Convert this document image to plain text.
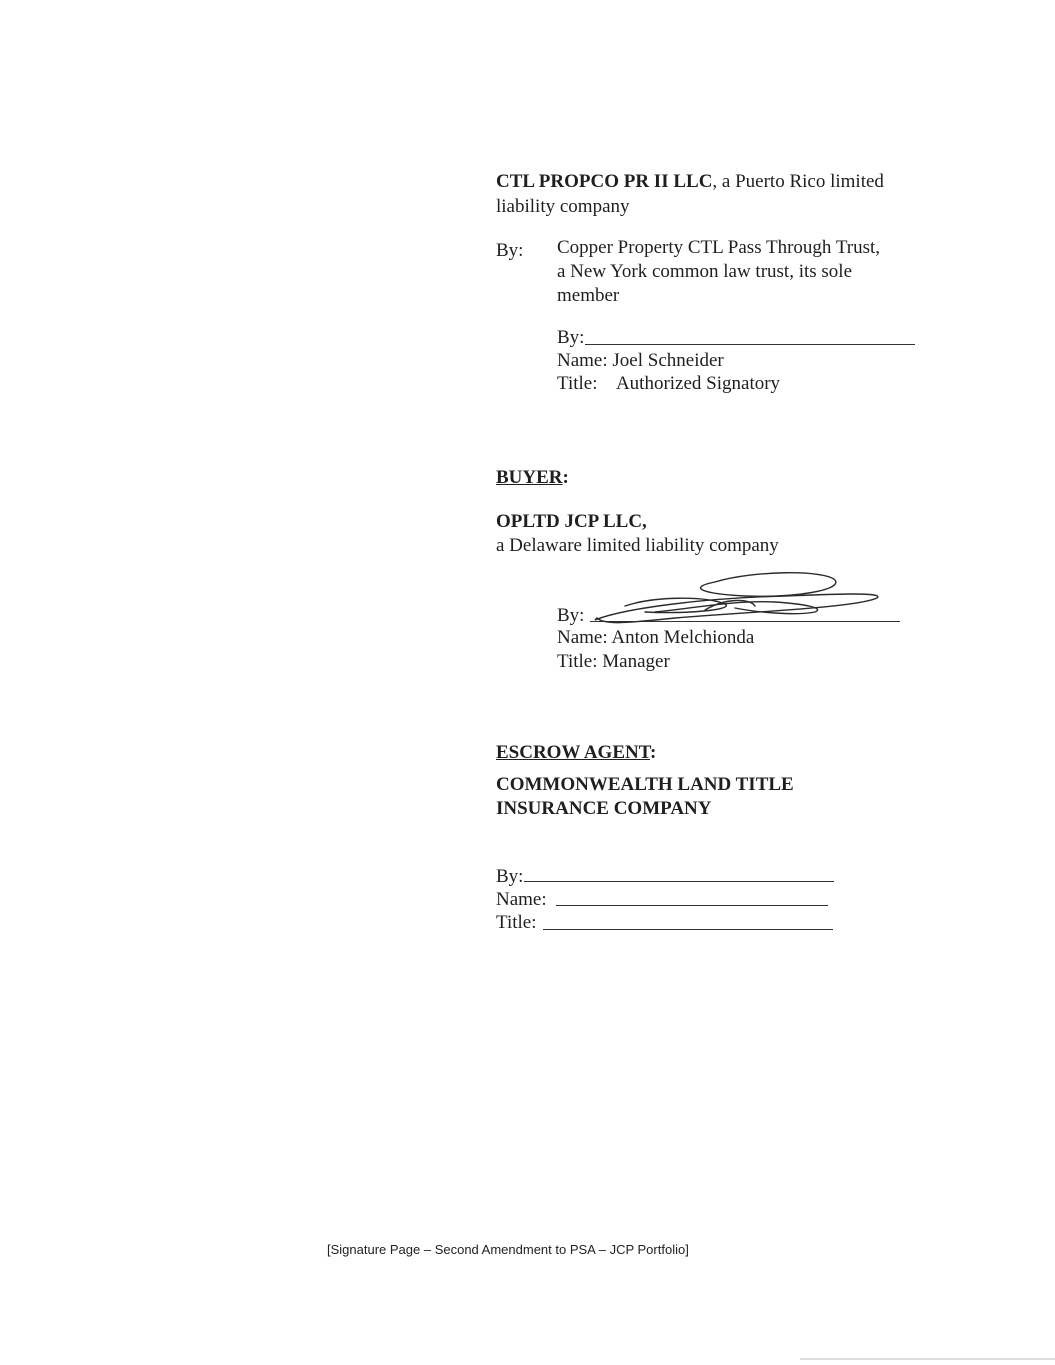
CTL PROPCO PR II LLC, a Puerto Rico limited
liability company
By: Copper Property CTL Pass Through Trust,
a New York common law trust, its sole
member
By:
Name: Joel Schneider
Title: Authorized Signatory
BUYER:
OPLTD JCP LLC,
a Delaware limited liability company
By:
Name: Anton Melchionda
Title: Manager
ESCROW AGENT:
COMMONWEALTH LAND TITLE
INSURANCE COMPANY
By:
Name:
Title:
[Signature Page – Second Amendment to PSA – JCP Portfolio]
